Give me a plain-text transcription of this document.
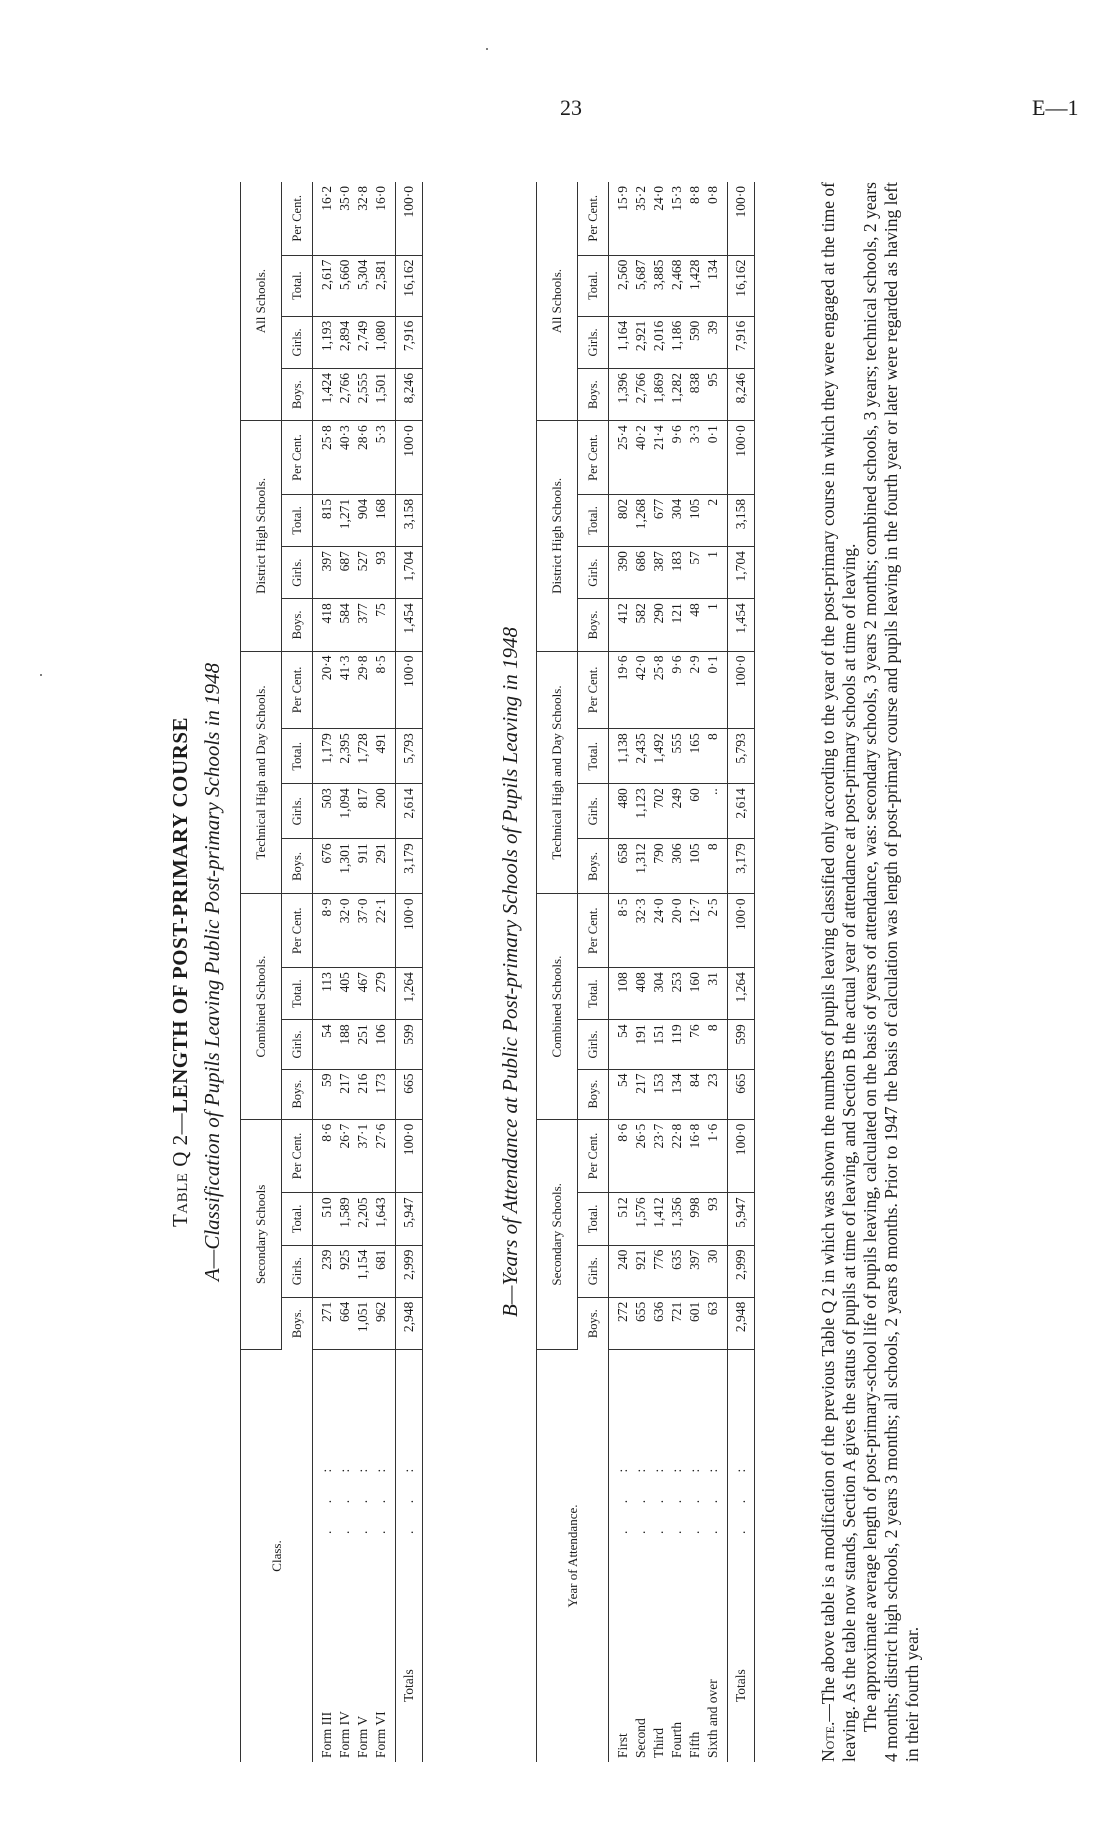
23	E—1
Table Q 2—LENGTH OF POST-PRIMARY COURSE A—Classification of Pupils Leaving Public Post-primary Schools in 1948
Class.		Secondary Schools				Combined Schools.				Technical High and Day Schools.				District High Schools.				All Schools.			
		Boys.	Girls.	Total.	Per Cent.	Boys.	Girls.	Total.	Per Cent.	Boys.	Girls.	Total.	Per Cent.	Boys.	Girls.	Total.	Per Cent.	Boys.	Girls.	Total.	Per Cent.
Form III	. . :	271	239	510	8·6	59	54	113	8·9	676	503	1,179	20·4	418	397	815	25·8	1,424	1,193	2,617	16·2
Form IV	. . :	664	925	1,589	26·7	217	188	405	32·0	1,301	1,094	2,395	41·3	584	687	1,271	40·3	2,766	2,894	5,660	35·0
Form V	. . :	1,051	1,154	2,205	37·1	216	251	467	37·0	911	817	1,728	29·8	377	527	904	28·6	2,555	2,749	5,304	32·8
Form VI	. . :	962	681	1,643	27·6	173	106	279	22·1	291	200	491	8·5	75	93	168	5·3	1,501	1,080	2,581	16·0
Totals	. . :	2,948	2,999	5,947	100·0	665	599	1,264	100·0	3,179	2,614	5,793	100·0	1,454	1,704	3,158	100·0	8,246	7,916	16,162	100·0
B—Years of Attendance at Public Post-primary Schools of Pupils Leaving in 1948
Year of Attendance.		Secondary Schools.				Combined Schools.				Technical High and Day Schools.				District High Schools.				All Schools.			
		Boys.	Girls.	Total.	Per Cent.	Boys.	Girls.	Total.	Per Cent.	Boys.	Girls.	Total.	Per Cent.	Boys.	Girls.	Total.	Per Cent.	Boys.	Girls.	Total.	Per Cent.
First	. . :	272	240	512	8·6	54	54	108	8·5	658	480	1,138	19·6	412	390	802	25·4	1,396	1,164	2,560	15·9
Second	. . :	655	921	1,576	26·5	217	191	408	32·3	1,312	1,123	2,435	42·0	582	686	1,268	40·2	2,766	2,921	5,687	35·2
Third	. . :	636	776	1,412	23·7	153	151	304	24·0	790	702	1,492	25·8	290	387	677	21·4	1,869	2,016	3,885	24·0
Fourth	. . :	721	635	1,356	22·8	134	119	253	20·0	306	249	555	9·6	121	183	304	9·6	1,282	1,186	2,468	15·3
Fifth	. . :	601	397	998	16·8	84	76	160	12·7	105	60	165	2·9	48	57	105	3·3	838	590	1,428	8·8
Sixth and over	. . :	63	30	93	1·6	23	8	31	2·5	8	..	8	0·1	1	1	2	0·1	95	39	134	0·8
Totals	. . :	2,948	2,999	5,947	100·0	665	599	1,264	100·0	3,179	2,614	5,793	100·0	1,454	1,704	3,158	100·0	8,246	7,916	16,162	100·0

Note.—The above table is a modification of the previous Table Q 2 in which was shown the numbers of pupils leaving classified only according to the year of the post-primary course in which they were engaged at the time of leaving. As the table now stands, Section A gives the status of pupils at time of leaving, and Section B the actual year of attendance at post-primary schools at time of leaving. The approximate average length of post-primary-school life of pupils leaving, calculated on the basis of years of attendance, was: secondary schools, 3 years 2 months; combined schools, 3 years; technical schools, 2 years 4 months; district high schools, 2 years 3 months; all schools, 2 years 8 months. Prior to 1947 the basis of calculation was length of post-primary course and pupils leaving in the fourth year or later were regarded as having left in their fourth year.
